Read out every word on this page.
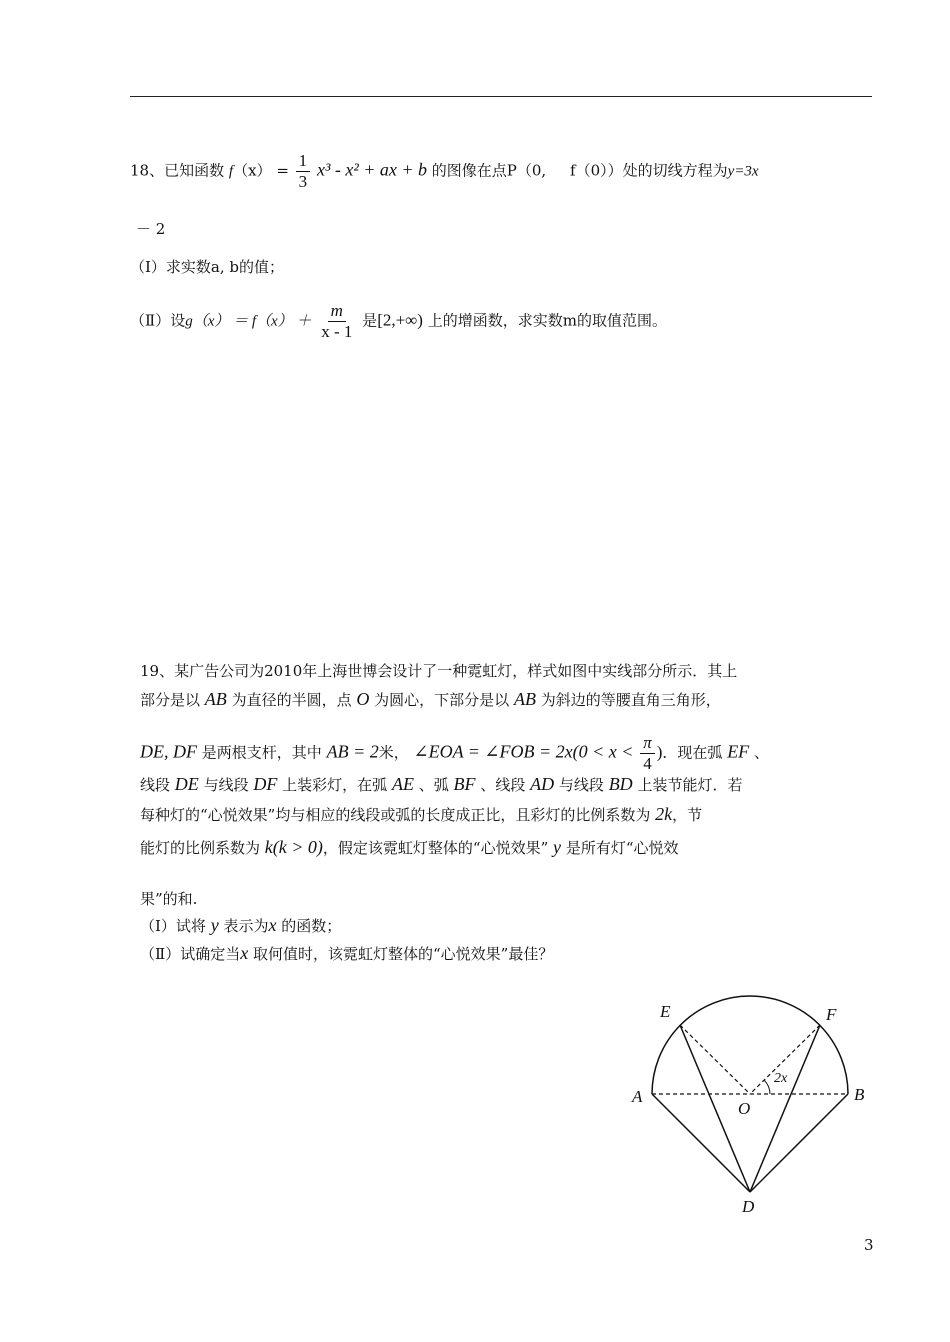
18、已知函数 $f(x) = \frac{1}{3} x^3 - x^2$ + ax + b 的图像在点P（0, f（0））处的切线方程为y=3x
－ 2
（Ⅰ）求实数a, b的值；
（Ⅱ）设$g(x) = f(x) + \frac{m}{x - 1}$ 是[2,+∞) 上的增函数，求实数m的取值范围。
19、某广告公司为2010年上海世博会设计了一种霓虹灯，样式如图中实线部分所示．其上
部分是以 AB 为直径的半圆，点 O 为圆心，下部分是以 AB 为斜边的等腰直角三角形，
DE, DF 是两根支杆，其中 AB = 2米， ∠EOA = ∠FOB = $2x(0 < x < \frac{\pi}{4}$ )．现在弧 EF 、
线段 DE 与线段 DF 上装彩灯，在弧 AE 、弧 BF 、线段 AD 与线段 BD 上装节能灯．若
每种灯的“心悦效果”均与相应的线段或弧的长度成正比，且彩灯的比例系数为 2k，节
能灯的比例系数为 k(k > 0)，假定该霓虹灯整体的“心悦效果” y 是所有灯“心悦效
果”的和.
（Ⅰ）试将 y 表示为x 的函数；
（Ⅱ）试确定当x 取何值时，该霓虹灯整体的“心悦效果”最佳？
E	F
A
O
B
D
2x
3
